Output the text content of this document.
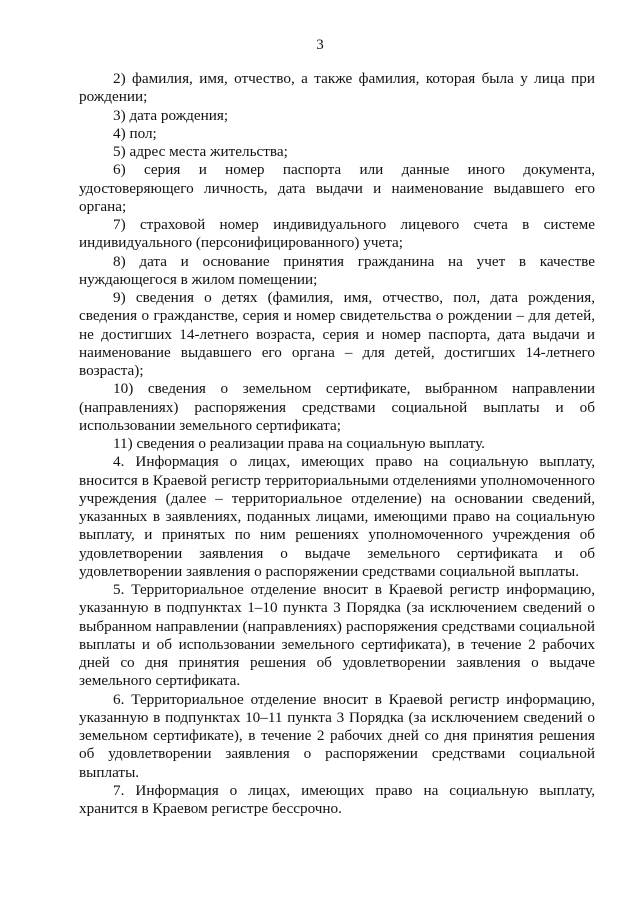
3

2) фамилия, имя, отчество, а также фамилия, которая была у лица при рождении;

3) дата рождения;

4) пол;

5) адрес места жительства;

6) серия и номер паспорта или данные иного документа, удостоверяющего личность, дата выдачи и наименование выдавшего его органа;

7) страховой номер индивидуального лицевого счета в системе индивидуального (персонифицированного) учета;

8) дата и основание принятия гражданина на учет в качестве нуждающегося в жилом помещении;

9) сведения о детях (фамилия, имя, отчество, пол, дата рождения, сведения о гражданстве, серия и номер свидетельства о рождении – для детей, не достигших 14-летнего возраста, серия и номер паспорта, дата выдачи и наименование выдавшего его органа – для детей, достигших 14-летнего возраста);

10) сведения о земельном сертификате, выбранном направлении (направлениях) распоряжения средствами социальной выплаты и об использовании земельного сертификата;

11) сведения о реализации права на социальную выплату.

4. Информация о лицах, имеющих право на социальную выплату, вносится в Краевой регистр территориальными отделениями уполномоченного учреждения (далее – территориальное отделение) на основании сведений, указанных в заявлениях, поданных лицами, имеющими право на социальную выплату, и принятых по ним решениях уполномоченного учреждения об удовлетворении заявления о выдаче земельного сертификата и об удовлетворении заявления о распоряжении средствами социальной выплаты.

5. Территориальное отделение вносит в Краевой регистр информацию, указанную в подпунктах 1–10 пункта 3 Порядка (за исключением сведений о выбранном направлении (направлениях) распоряжения средствами социальной выплаты и об использовании земельного сертификата), в течение 2 рабочих дней со дня принятия решения об удовлетворении заявления о выдаче земельного сертификата.

6. Территориальное отделение вносит в Краевой регистр информацию, указанную в подпунктах 10–11 пункта 3 Порядка (за исключением сведений о земельном сертификате), в течение 2 рабочих дней со дня принятия решения об удовлетворении заявления о распоряжении средствами социальной выплаты.

7. Информация о лицах, имеющих право на социальную выплату, хранится в Краевом регистре бессрочно.
